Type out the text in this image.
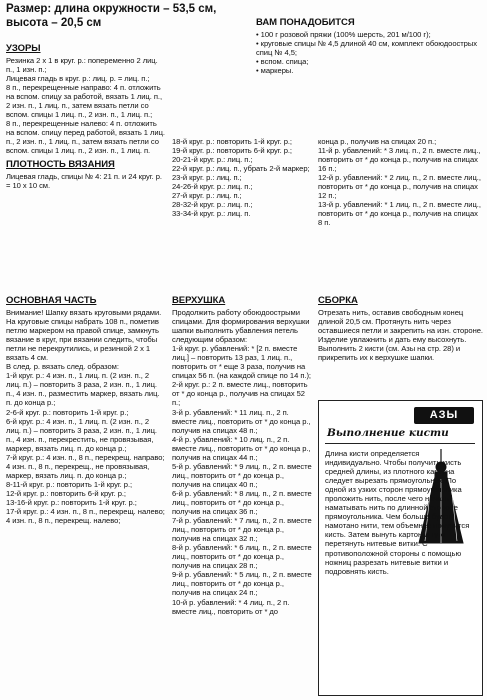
Размер: длина окружности – 53,5 см,
высота – 20,5 см

УЗОРЫ

Резинка 2 х 1 в круг. р.: попеременно 2 лиц. п., 1 изн. п.;

Лицевая гладь в круг. р.: лиц. р. = лиц. п.;

8 п., перекрещенные направо: 4 п. отложить на вспом. спицу за работой, вязать 1 лиц. п.,

2 изн. п., 1 лиц. п., затем вязать петли со вспом. спицы 1 лиц. п., 2 изн. п., 1 лиц. п.;

8 п., перекрещенные налево: 4 п. отложить на вспом. спицу перед работой, вязать 1 лиц. п., 2 изн. п., 1 лиц. п., затем вязать петли со вспом. спицы 1 лиц. п., 2 изн. п., 1 лиц. п.

ПЛОТНОСТЬ ВЯЗАНИЯ

Лицевая гладь, спицы № 4: 21 п. и 24 круг. р. = 10 х 10 см.

18-й круг. р.: повторить 1-й круг. р.;

19-й круг. р.: повторить 6-й круг. р.;

20-21-й круг. р.: лиц. п.;

22-й круг. р.: лиц. п., убрать 2-й маркер;

23-й круг. р.: лиц. п.;

24-26-й круг. р.: лиц. п.;

27-й круг. р.: лиц. п.;

28-32-й круг. р.: лиц. п.;

33-34-й круг. р.: лиц. п.

ВАМ ПОНАДОБИТСЯ

• 100 г розовой пряжи (100% шерсть, 201 м/100 г);

• круговые спицы № 4,5 длиной 40 см, комплект обоюдоострых спиц № 4,5;

• вспом. спица;

• маркеры.

конца р., получив на спицах 20 п.;

11-й р. убавлений: * 3 лиц. п., 2 п. вместе лиц., повторить от * до конца р., получив на спицах 16 п.;

12-й р. убавлений: * 2 лиц. п., 2 п. вместе лиц., повторить от * до конца р., получив на спицах 12 п.;

13-й р. убавлений: * 1 лиц. п., 2 п. вместе лиц., повторить от * до конца р., получив на спицах 8 п.

ОСНОВНАЯ ЧАСТЬ

Внимание! Шапку вязать круговыми рядами.

На круговые спицы набрать 108 п., пометив петлю маркером на правой спице, замкнуть вязание в круг, при вязании следить, чтобы петли не перекрутились, и резинкой 2 х 1 вязать 4 см.

В след. р. вязать след. образом:

1-й круг. р.: 4 изн. п., 1 лиц. п. (2 изн. п., 2 лиц. п.) – повторить 3 раза, 2 изн. п., 1 лиц. п., 4 изн. п., разместить маркер, вязать лиц. п. до конца р.;

2-6-й круг. р.: повторить 1-й круг. р.;

6-й круг. р.: 4 изн. п., 1 лиц. п. (2 изн. п., 2 лиц. п.) – повторить 3 раза, 2 изн. п., 1 лиц. п., 4 изн. п., перекрестить, не провязывая, маркер, вязать лиц. п. до конца р.;

7-й круг. р.: 4 изн. п., 8 п., перекрещ. направо; 4 изн. п., 8 п., перекрещ., не провязывая, маркер, вязать лиц. п. до конца р.;

8-11-й круг. р.: повторить 1-й круг. р.;

12-й круг. р.: повторить 6-й круг. р.;

13-16-й круг. р.: повторить 1-й круг. р.;

17-й круг. р.: 4 изн. п., 8 п., перекрещ. налево; 4 изн. п., 8 п., перекрещ. налево;

ВЕРХУШКА

Продолжить работу обоюдоострыми спицами. Для формирования верхушки шапки выполнить убавления петель следующим образом:

1-й круг. р. убавлений: * [2 п. вместе лиц.] – повторить 13 раз, 1 лиц. п., повторить от * еще 3 раза, получив на спицах 56 п. (на каждой спице по 14 п.);

2-й круг. р.: 2 п. вместе лиц., повторить от * до конца р., получив на спицах 52 п.;

3-й р. убавлений: * 11 лиц. п., 2 п. вместе лиц., повторить от * до конца р., получив на спицах 48 п.;

4-й р. убавлений: * 10 лиц. п., 2 п. вместе лиц., повторить от * до конца р., получив на спицах 44 п.;

5-й р. убавлений: * 9 лиц. п., 2 п. вместе лиц., повторить от * до конца р., получив на спицах 40 п.;

6-й р. убавлений: * 8 лиц. п., 2 п. вместе лиц., повторить от * до конца р., получив на спицах 36 п.;

7-й р. убавлений: * 7 лиц. п., 2 п. вместе лиц., повторить от * до конца р., получив на спицах 32 п.;

8-й р. убавлений: * 6 лиц. п., 2 п. вместе лиц., повторить от * до конца р., получив на спицах 28 п.;

9-й р. убавлений: * 5 лиц. п., 2 п. вместе лиц., повторить от * до конца р., получив на спицах 24 п.;

10-й р. убавлений: * 4 лиц. п., 2 п. вместе лиц., повторить от * до

СБОРКА

Отрезать нить, оставив свободным конец длиной 20,5 см. Протянуть нить через оставшиеся петли и закрепить на изн. стороне. Изделие увлажнить и дать ему высохнуть. Выполнить 2 кисти (см. Азы на стр. 28) и прикрепить их к верхушке шапки.

АЗЫ
Выполнение кисти
Длина кисти определяется индивидуально. Чтобы получить кисть средней длины, из плотного картона следует вырезать прямоугольник. По одной из узких сторон прямоугольника проложить нить, после чего начать наматывать нить по длинной стороне прямоугольника. Чем больше будет намотано нити, тем объемнее получится кисть. Затем вынуть картон и туго перетянуть нитевые витки. С противоположной стороны с помощью ножниц разрезать нитевые витки и подровнять кисть.
